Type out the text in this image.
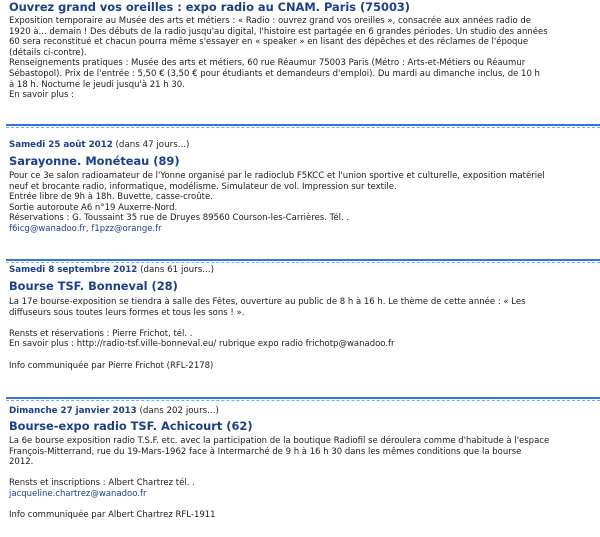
Ouvrez grand vos oreilles : expo radio au CNAM. Paris (75003)

Exposition temporaire au Musée des arts et métiers : « Radio : ouvrez grand vos oreilles », consacrée aux années radio de

1920 à... demain ! Des débuts de la radio jusqu'au digital, l'histoire est partagée en 6 grandes périodes. Un studio des années

60 sera reconstitué et chacun pourra même s'essayer en « speaker » en lisant des dépêches et des réclames de l'époque

(détails ci-contre).

Renseignements pratiques : Musée des arts et métiers, 60 rue Réaumur 75003 Paris (Métro : Arts-et-Métiers ou Réaumur

Sébastopol). Prix de l'entrée : 5,50 € (3,50 € pour étudiants et demandeurs d'emploi). Du mardi au dimanche inclus, de 10 h

à 18 h. Nocturne le jeudi jusqu'à 21 h 30.

En savoir plus :

Samedi 25 août 2012 (dans 47 jours...)
Sarayonne. Monéteau (89)

Pour ce 3e salon radioamateur de l'Yonne organisé par le radioclub F5KCC et l'union sportive et culturelle, exposition matériel

neuf et brocante radio, informatique, modélisme. Simulateur de vol. Impression sur textile.

Entrée libre de 9h à 18h. Buvette, casse-croûte.

Sortie autoroute A6 n°19 Auxerre-Nord.

Réservations : G. Toussaint 35 rue de Druyes 89560 Courson-les-Carrières. Tél. .

f6icg@wanadoo.fr, f1pzz@orange.fr

Samedi 8 septembre 2012 (dans 61 jours...)
Bourse TSF. Bonneval (28)

La 17e bourse-exposition se tiendra à salle des Fêtes, ouverture au public de 8 h à 16 h. Le thème de cette année : « Les

diffuseurs sous toutes leurs formes et tous les sons ! ».

Rensts et réservations : Pierre Frichot, tél. .

En savoir plus : http://radio-tsf.ville-bonneval.eu/ rubrique expo radio frichotp@wanadoo.fr

Info communiquée par Pierre Frichot (RFL-2178)

Dimanche 27 janvier 2013 (dans 202 jours...)
Bourse-expo radio TSF. Achicourt (62)

La 6e bourse exposition radio T.S.F. etc. avec la participation de la boutique Radiofil se déroulera comme d'habitude à l'espace

François-Mitterrand, rue du 19-Mars-1962 face à Intermarché de 9 h à 16 h 30 dans les mêmes conditions que la bourse

2012.

Rensts et inscriptions : Albert Chartrez tél. .

jacqueline.chartrez@wanadoo.fr

Info communiquée par Albert Chartrez RFL-1911
